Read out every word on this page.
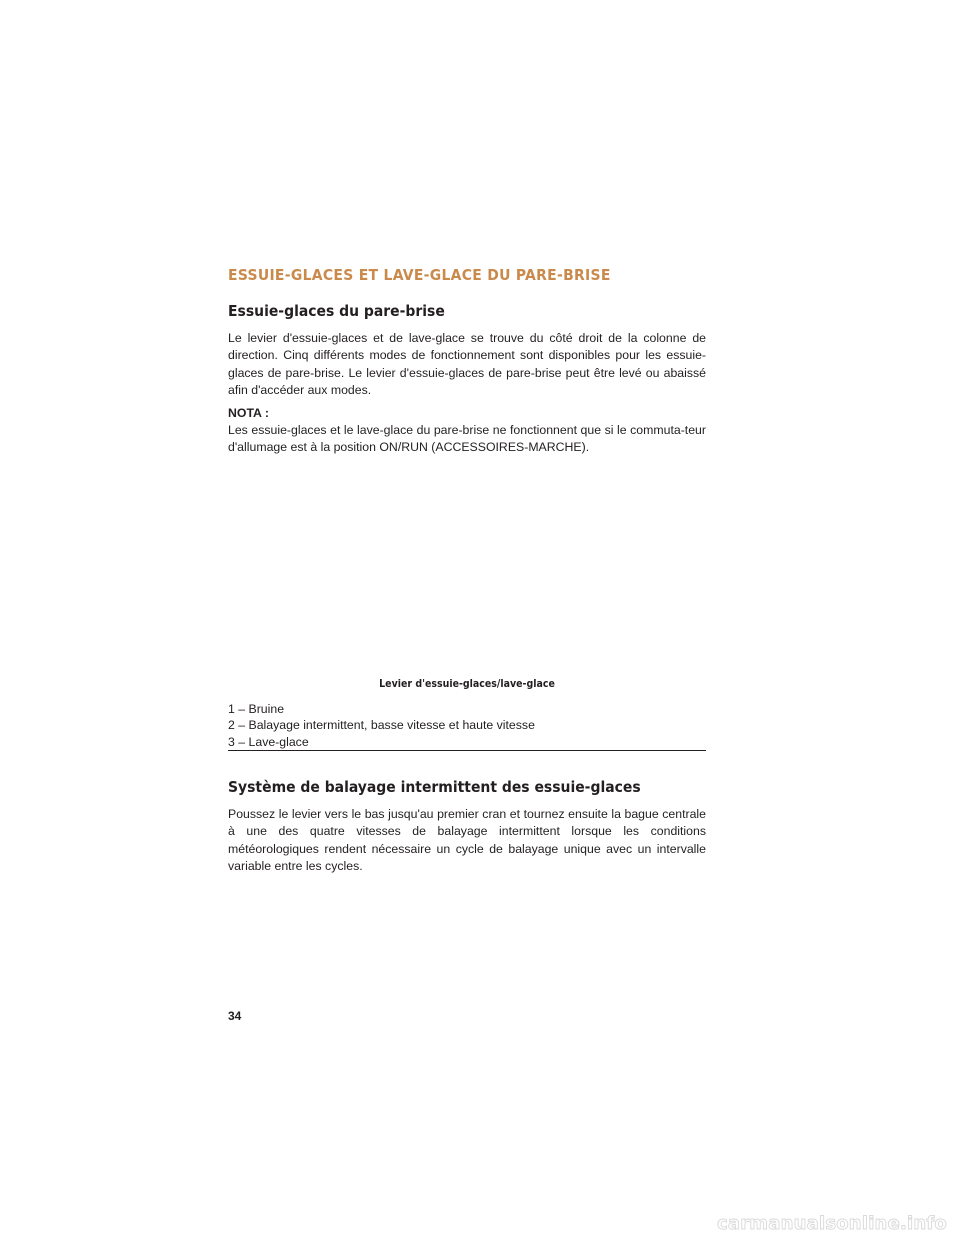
ESSUIE-GLACES ET LAVE-GLACE DU PARE-BRISE
Essuie-glaces du pare-brise

Le levier d'essuie-glaces et de lave-glace se trouve du côté droit de la colonne de direction. Cinq différents modes de fonctionnement sont disponibles pour les essuie-glaces de pare-brise. Le levier d'essuie-glaces de pare-brise peut être levé ou abaissé afin d'accéder aux modes.

NOTA :

Les essuie-glaces et le lave-glace du pare-brise ne fonctionnent que si le commuta-teur d'allumage est à la position ON/RUN (ACCESSOIRES-MARCHE).

Levier d'essuie-glaces/lave-glace

1 – Bruine
2 – Balayage intermittent, basse vitesse et haute vitesse
3 – Lave-glace
Système de balayage intermittent des essuie-glaces

Poussez le levier vers le bas jusqu'au premier cran et tournez ensuite la bague centrale à une des quatre vitesses de balayage intermittent lorsque les conditions météorologiques rendent nécessaire un cycle de balayage unique avec un intervalle variable entre les cycles.

34

carmanualsonline.info
